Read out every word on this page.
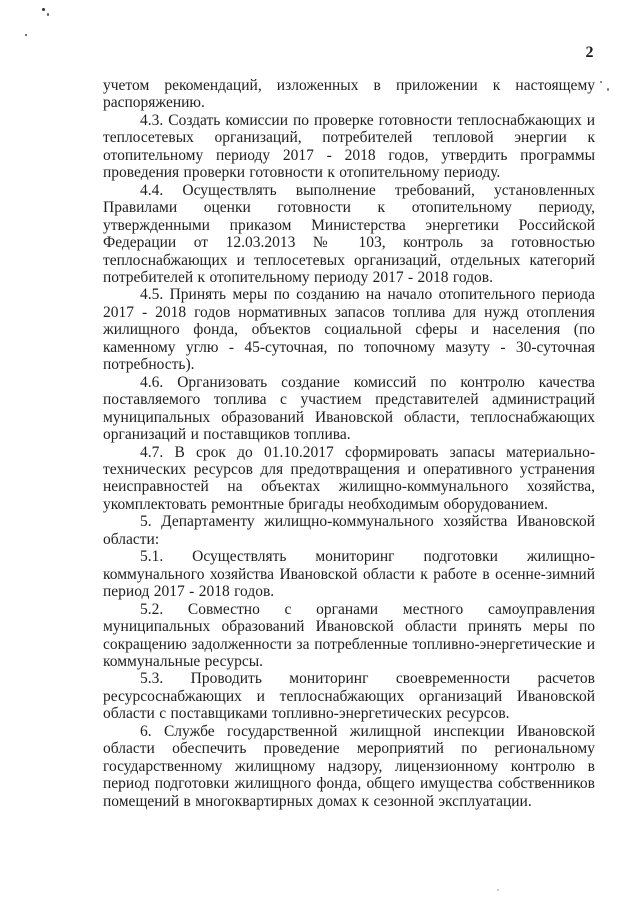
2

учетом рекомендаций, изложенных в приложении к настоящему распоряжению.

4.3. Создать комиссии по проверке готовности теплоснабжающих и теплосетевых организаций, потребителей тепловой энергии к отопительному периоду 2017 - 2018 годов, утвердить программы проведения проверки готовности к отопительному периоду.

4.4. Осуществлять выполнение требований, установленных Правилами оценки готовности к отопительному периоду, утвержденными приказом Министерства энергетики Российской Федерации от 12.03.2013 № 103, контроль за готовностью теплоснабжающих и теплосетевых организаций, отдельных категорий потребителей к отопительному периоду 2017 - 2018 годов.

4.5. Принять меры по созданию на начало отопительного периода 2017 - 2018 годов нормативных запасов топлива для нужд отопления жилищного фонда, объектов социальной сферы и населения (по каменному углю - 45-суточная, по топочному мазуту - 30-суточная потребность).

4.6. Организовать создание комиссий по контролю качества поставляемого топлива с участием представителей администраций муниципальных образований Ивановской области, теплоснабжающих организаций и поставщиков топлива.

4.7. В срок до 01.10.2017 сформировать запасы материально-технических ресурсов для предотвращения и оперативного устранения неисправностей на объектах жилищно-коммунального хозяйства, укомплектовать ремонтные бригады необходимым оборудованием.

5. Департаменту жилищно-коммунального хозяйства Ивановской области:

5.1. Осуществлять мониторинг подготовки жилищно-коммунального хозяйства Ивановской области к работе в осенне-зимний период 2017 - 2018 годов.

5.2. Совместно с органами местного самоуправления муниципальных образований Ивановской области принять меры по сокращению задолженности за потребленные топливно-энергетические и коммунальные ресурсы.

5.3. Проводить мониторинг своевременности расчетов ресурсоснабжающих и теплоснабжающих организаций Ивановской области с поставщиками топливно-энергетических ресурсов.

6. Службе государственной жилищной инспекции Ивановской области обеспечить проведение мероприятий по региональному государственному жилищному надзору, лицензионному контролю в период подготовки жилищного фонда, общего имущества собственников помещений в многоквартирных домах к сезонной эксплуатации.
